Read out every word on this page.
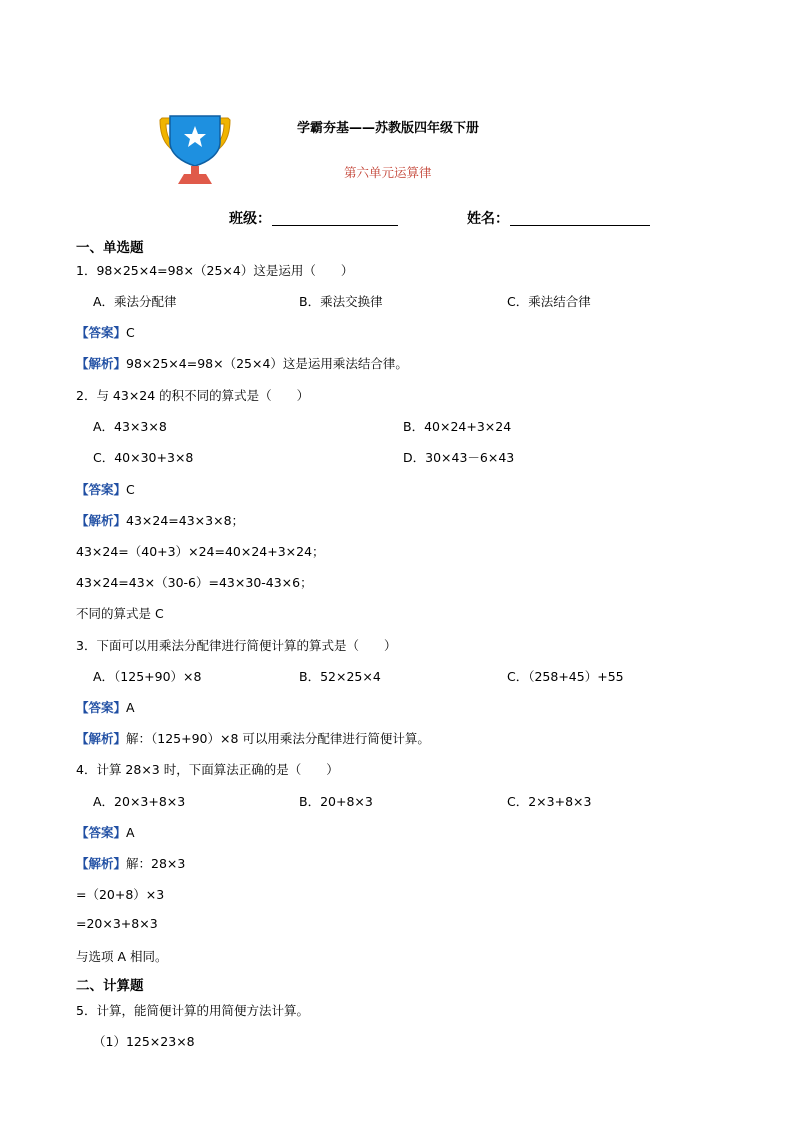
学霸夯基——苏教版四年级下册
第六单元运算律
班级：	姓名：
一、单选题
1．98×25×4=98×（25×4）这是运用（　　）
A．乘法分配律	B．乘法交换律	C．乘法结合律
【答案】C
【解析】98×25×4=98×（25×4）这是运用乘法结合律。
2．与 43×24 的积不同的算式是（　　）
A．43×3×8	B．40×24+3×24
C．40×30+3×8	D．30×43－6×43
【答案】C
【解析】43×24=43×3×8；
43×24=（40+3）×24=40×24+3×24；
43×24=43×（30-6）=43×30-43×6；
不同的算式是 C
3．下面可以用乘法分配律进行简便计算的算式是（　　）
A．（125+90）×8	B．52×25×4	C．（258+45）+55
【答案】A
【解析】解：（125+90）×8 可以用乘法分配律进行简便计算。
4．计算 28×3 时，下面算法正确的是（　　）
A．20×3+8×3	B．20+8×3	C．2×3+8×3
【答案】A
【解析】解：28×3
=（20+8）×3
=20×3+8×3
与选项 A 相同。
二、计算题
5．计算，能简便计算的用简便方法计算。
（1）125×23×8
